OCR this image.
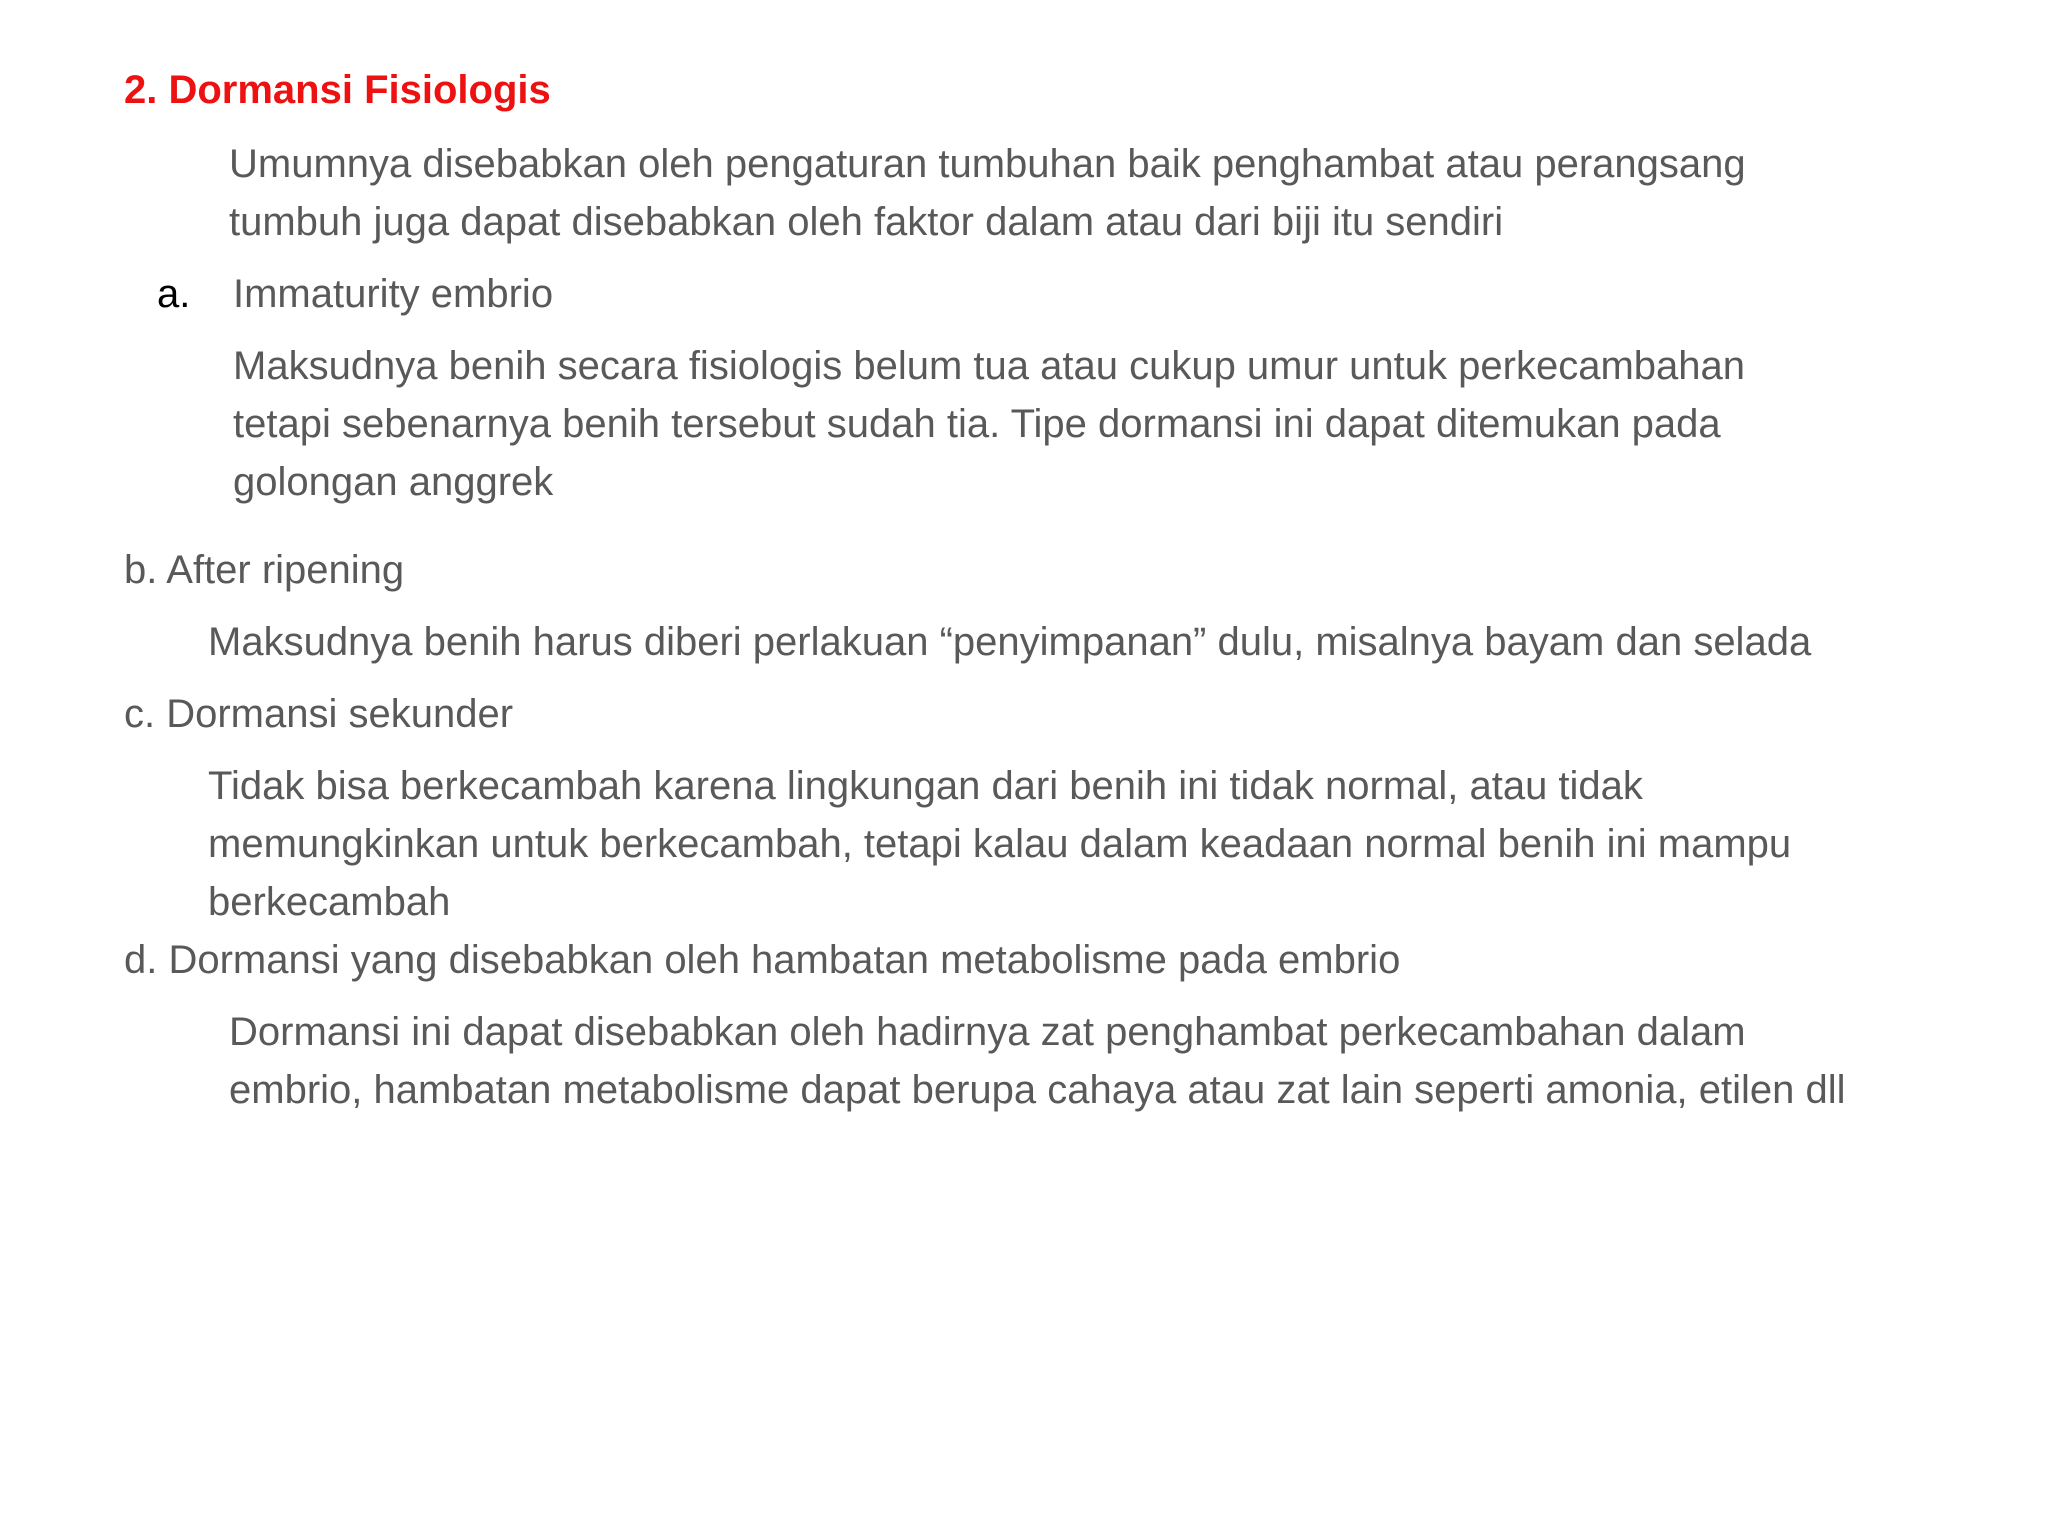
2. Dormansi Fisiologis
Umumnya disebabkan oleh pengaturan tumbuhan baik penghambat atau perangsang
tumbuh juga dapat disebabkan oleh faktor dalam atau dari biji itu sendiri
a. Immaturity embrio
Maksudnya benih secara fisiologis belum tua atau cukup umur untuk perkecambahan
tetapi sebenarnya benih tersebut sudah tia. Tipe dormansi ini dapat ditemukan pada
golongan anggrek
b. After ripening
Maksudnya benih harus diberi perlakuan “penyimpanan” dulu, misalnya bayam dan selada
c. Dormansi sekunder
Tidak bisa berkecambah karena lingkungan dari benih ini tidak normal, atau tidak
memungkinkan untuk berkecambah, tetapi kalau dalam keadaan normal benih ini mampu
berkecambah
d. Dormansi yang disebabkan oleh hambatan metabolisme pada embrio
Dormansi ini dapat disebabkan oleh hadirnya zat penghambat perkecambahan dalam
embrio, hambatan metabolisme dapat berupa cahaya atau zat lain seperti amonia, etilen dll
